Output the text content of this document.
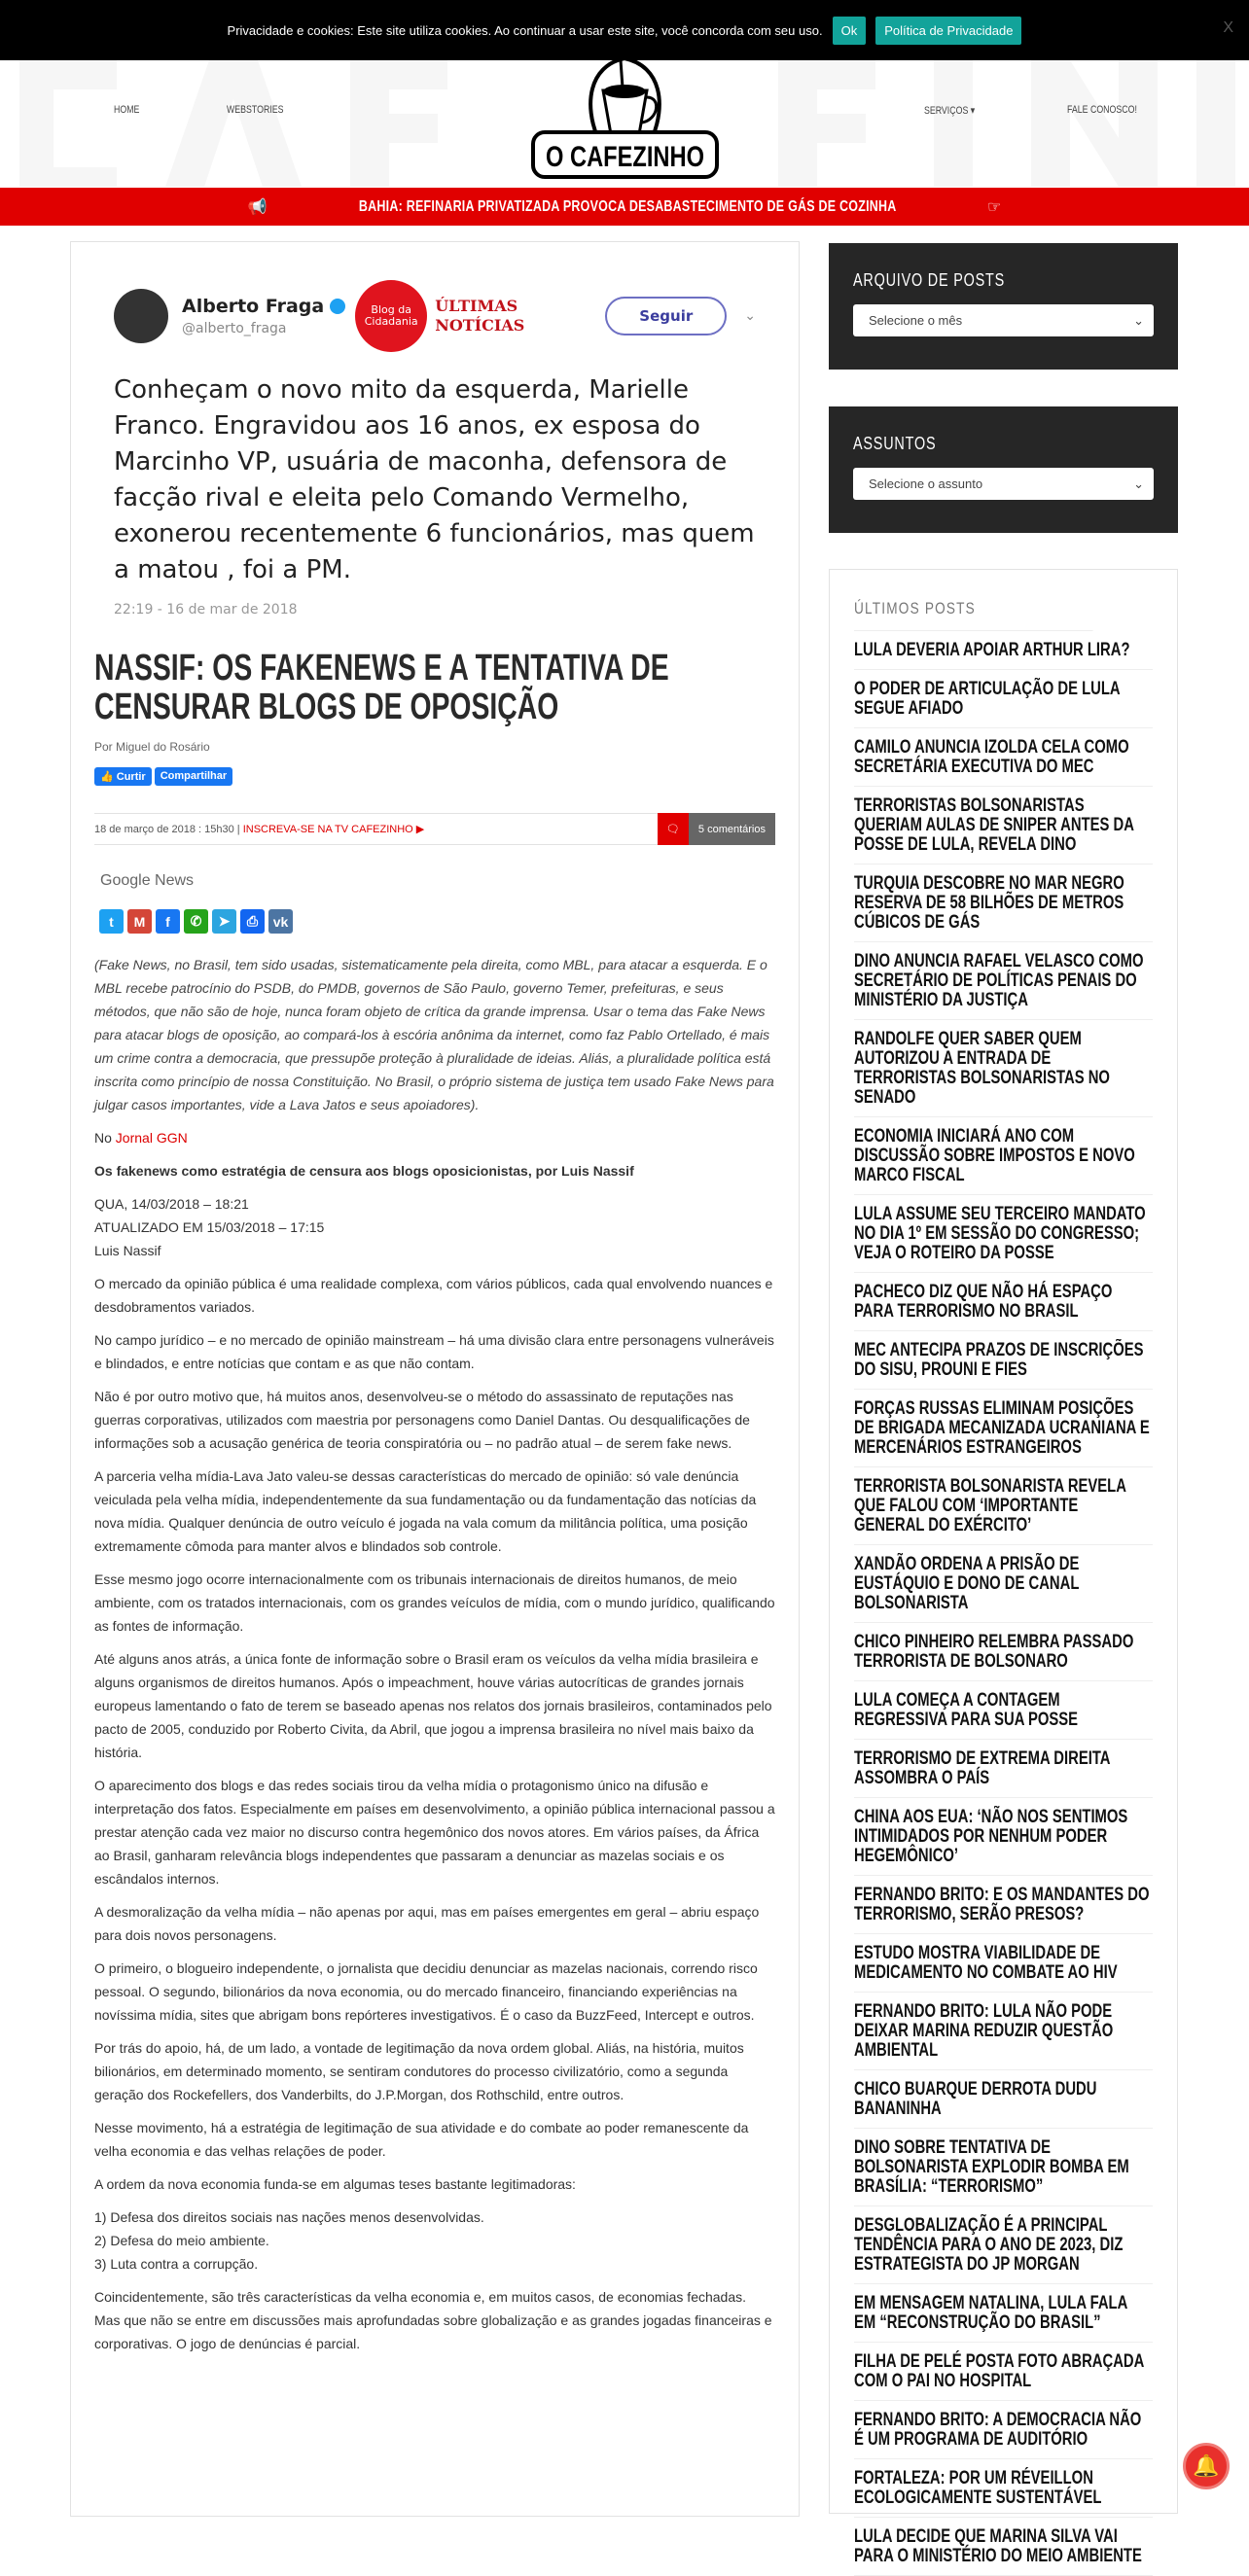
Privacidade e cookies: Este site utiliza cookies. Ao continuar a usar este site, você concorda com seu uso.	Ok	Política de Privacidade	X
HOME	WEBSTORIES	SERVIÇOS ▾	FALE CONOSCO!
O CAFEZINHO
📢	BAHIA: REFINARIA PRIVATIZADA PROVOCA DESABASTECIMENTO DE GÁS DE COZINHA	☞
Alberto Fraga
@alberto_fraga
Blog da Cidadania
ÚLTIMAS NOTÍCIAS	Seguir	⌄
Conheçam o novo mito da esquerda, Marielle Franco. Engravidou aos 16 anos, ex esposa do Marcinho VP, usuária de maconha, defensora de facção rival e eleita pelo Comando Vermelho, exonerou recentemente 6 funcionários, mas quem a matou , foi a PM.
22:19 - 16 de mar de 2018
NASSIF: OS FAKENEWS E A TENTATIVA DE CENSURAR BLOGS DE OPOSIÇÃO
Por Miguel do Rosário
👍 Curtir	Compartilhar
18 de março de 2018 : 15h30 |
INSCREVA-SE NA TV CAFEZINHO ▶	🗨	5 comentários
Google News
t	M	f	✆	➤	⎙	vk

(Fake News, no Brasil, tem sido usadas, sistematicamente pela direita, como MBL, para atacar a esquerda. E o MBL recebe patrocínio do PSDB, do PMDB, governos de São Paulo, governo Temer, prefeituras, e seus métodos, que não são de hoje, nunca foram objeto de crítica da grande imprensa. Usar o tema das Fake News para atacar blogs de oposição, ao compará-los à escória anônima da internet, como faz Pablo Ortellado, é mais um crime contra a democracia, que pressupõe proteção à pluralidade de ideias. Aliás, a pluralidade política está inscrita como princípio de nossa Constituição. No Brasil, o próprio sistema de justiça tem usado Fake News para julgar casos importantes, vide a Lava Jatos e seus apoiadores).

No Jornal GGN

Os fakenews como estratégia de censura aos blogs oposicionistas, por Luis Nassif

QUA, 14/03/2018 – 18:21
ATUALIZADO EM 15/03/2018 – 17:15
Luis Nassif

O mercado da opinião pública é uma realidade complexa, com vários públicos, cada qual envolvendo nuances e desdobramentos variados.

No campo jurídico – e no mercado de opinião mainstream – há uma divisão clara entre personagens vulneráveis e blindados, e entre notícias que contam e as que não contam.

Não é por outro motivo que, há muitos anos, desenvolveu-se o método do assassinato de reputações nas guerras corporativas, utilizados com maestria por personagens como Daniel Dantas. Ou desqualificações de informações sob a acusação genérica de teoria conspiratória ou – no padrão atual – de serem fake news.

A parceria velha mídia-Lava Jato valeu-se dessas características do mercado de opinião: só vale denúncia veiculada pela velha mídia, independentemente da sua fundamentação ou da fundamentação das notícias da nova mídia. Qualquer denúncia de outro veículo é jogada na vala comum da militância política, uma posição extremamente cômoda para manter alvos e blindados sob controle.

Esse mesmo jogo ocorre internacionalmente com os tribunais internacionais de direitos humanos, de meio ambiente, com os tratados internacionais, com os grandes veículos de mídia, com o mundo jurídico, qualificando as fontes de informação.

Até alguns anos atrás, a única fonte de informação sobre o Brasil eram os veículos da velha mídia brasileira e alguns organismos de direitos humanos. Após o impeachment, houve várias autocríticas de grandes jornais europeus lamentando o fato de terem se baseado apenas nos relatos dos jornais brasileiros, contaminados pelo pacto de 2005, conduzido por Roberto Civita, da Abril, que jogou a imprensa brasileira no nível mais baixo da história.

O aparecimento dos blogs e das redes sociais tirou da velha mídia o protagonismo único na difusão e interpretação dos fatos. Especialmente em países em desenvolvimento, a opinião pública internacional passou a prestar atenção cada vez maior no discurso contra hegemônico dos novos atores. Em vários países, da África ao Brasil, ganharam relevância blogs independentes que passaram a denunciar as mazelas sociais e os escândalos internos.

A desmoralização da velha mídia – não apenas por aqui, mas em países emergentes em geral – abriu espaço para dois novos personagens.

O primeiro, o blogueiro independente, o jornalista que decidiu denunciar as mazelas nacionais, correndo risco pessoal. O segundo, bilionários da nova economia, ou do mercado financeiro, financiando experiências na novíssima mídia, sites que abrigam bons repórteres investigativos. É o caso da BuzzFeed, Intercept e outros.

Por trás do apoio, há, de um lado, a vontade de legitimação da nova ordem global. Aliás, na história, muitos bilionários, em determinado momento, se sentiram condutores do processo civilizatório, como a segunda geração dos Rockefellers, dos Vanderbilts, do J.P.Morgan, dos Rothschild, entre outros.

Nesse movimento, há a estratégia de legitimação de sua atividade e do combate ao poder remanescente da velha economia e das velhas relações de poder.

A ordem da nova economia funda-se em algumas teses bastante legitimadoras:

1) Defesa dos direitos sociais nas nações menos desenvolvidas.
2) Defesa do meio ambiente.
3) Luta contra a corrupção.

Coincidentemente, são três características da velha economia e, em muitos casos, de economias fechadas. Mas que não se entre em discussões mais aprofundadas sobre globalização e as grandes jogadas financeiras e corporativas. O jogo de denúncias é parcial.

ARQUIVO DE POSTS
Selecione o mês	⌄
ASSUNTOS
Selecione o assunto	⌄
ÚLTIMOS POSTS
LULA DEVERIA APOIAR ARTHUR LIRA?
O PODER DE ARTICULAÇÃO DE LULA SEGUE AFIADO
CAMILO ANUNCIA IZOLDA CELA COMO SECRETÁRIA EXECUTIVA DO MEC
TERRORISTAS BOLSONARISTAS QUERIAM AULAS DE SNIPER ANTES DA POSSE DE LULA, REVELA DINO
TURQUIA DESCOBRE NO MAR NEGRO RESERVA DE 58 BILHÕES DE METROS CÚBICOS DE GÁS
DINO ANUNCIA RAFAEL VELASCO COMO SECRETÁRIO DE POLÍTICAS PENAIS DO MINISTÉRIO DA JUSTIÇA
RANDOLFE QUER SABER QUEM AUTORIZOU A ENTRADA DE TERRORISTAS BOLSONARISTAS NO SENADO
ECONOMIA INICIARÁ ANO COM DISCUSSÃO SOBRE IMPOSTOS E NOVO MARCO FISCAL
LULA ASSUME SEU TERCEIRO MANDATO NO DIA 1º EM SESSÃO DO CONGRESSO; VEJA O ROTEIRO DA POSSE
PACHECO DIZ QUE NÃO HÁ ESPAÇO PARA TERRORISMO NO BRASIL
MEC ANTECIPA PRAZOS DE INSCRIÇÕES DO SISU, PROUNI E FIES
FORÇAS RUSSAS ELIMINAM POSIÇÕES DE BRIGADA MECANIZADA UCRANIANA E MERCENÁRIOS ESTRANGEIROS
TERRORISTA BOLSONARISTA REVELA QUE FALOU COM ‘IMPORTANTE GENERAL DO EXÉRCITO’
XANDÃO ORDENA A PRISÃO DE EUSTÁQUIO E DONO DE CANAL BOLSONARISTA
CHICO PINHEIRO RELEMBRA PASSADO TERRORISTA DE BOLSONARO
LULA COMEÇA A CONTAGEM REGRESSIVA PARA SUA POSSE
TERRORISMO DE EXTREMA DIREITA ASSOMBRA O PAÍS
CHINA AOS EUA: ‘NÃO NOS SENTIMOS INTIMIDADOS POR NENHUM PODER HEGEMÔNICO’
FERNANDO BRITO: E OS MANDANTES DO TERRORISMO, SERÃO PRESOS?
ESTUDO MOSTRA VIABILIDADE DE MEDICAMENTO NO COMBATE AO HIV
FERNANDO BRITO: LULA NÃO PODE DEIXAR MARINA REDUZIR QUESTÃO AMBIENTAL
CHICO BUARQUE DERROTA DUDU BANANINHA
DINO SOBRE TENTATIVA DE BOLSONARISTA EXPLODIR BOMBA EM BRASÍLIA: “TERRORISMO”
DESGLOBALIZAÇÃO É A PRINCIPAL TENDÊNCIA PARA O ANO DE 2023, DIZ ESTRATEGISTA DO JP MORGAN
EM MENSAGEM NATALINA, LULA FALA EM “RECONSTRUÇÃO DO BRASIL”
FILHA DE PELÉ POSTA FOTO ABRAÇADA COM O PAI NO HOSPITAL
FERNANDO BRITO: A DEMOCRACIA NÃO É UM PROGRAMA DE AUDITÓRIO
FORTALEZA: POR UM RÉVEILLON ECOLOGICAMENTE SUSTENTÁVEL
LULA DECIDE QUE MARINA SILVA VAI PARA O MINISTÉRIO DO MEIO AMBIENTE
🔔
